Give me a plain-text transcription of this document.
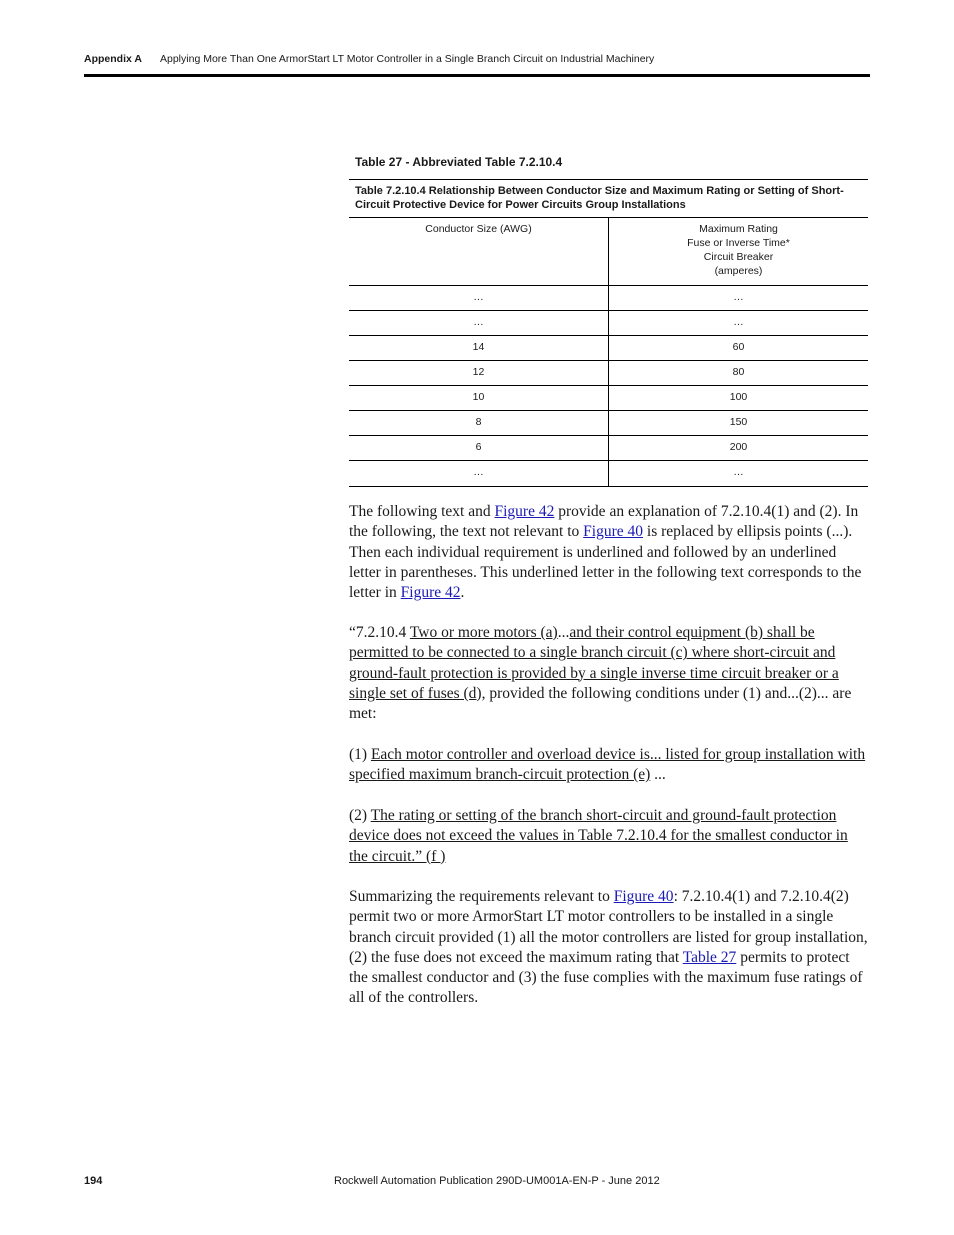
Appendix A Applying More Than One ArmorStart LT Motor Controller in a Single Branch Circuit on Industrial Machinery
Table 27 - Abbreviated Table 7.2.10.4
Table 7.2.10.4 Relationship Between Conductor Size and Maximum Rating or Setting of Short-Circuit Protective Device for Power Circuits Group Installations
Conductor Size (AWG)	Maximum Rating
Fuse or Inverse Time*
Circuit Breaker
(amperes)
…	…
…	…
14	60
12	80
10	100
8	150
6	200
…	…

The following text and Figure 42 provide an explanation of 7.2.10.4(1) and (2). In the following, the text not relevant to Figure 40 is replaced by ellipsis points (...). Then each individual requirement is underlined and followed by an underlined letter in parentheses. This underlined letter in the following text corresponds to the letter in Figure 42.

“7.2.10.4 Two or more motors (a)...and their control equipment (b) shall be permitted to be connected to a single branch circuit (c) where short-circuit and ground-fault protection is provided by a single inverse time circuit breaker or a single set of fuses (d), provided the following conditions under (1) and...(2)... are met:

(1) Each motor controller and overload device is... listed for group installation with specified maximum branch-circuit protection (e) ...

(2) The rating or setting of the branch short-circuit and ground-fault protection device does not exceed the values in Table 7.2.10.4 for the smallest conductor in the circuit.” (f )

Summarizing the requirements relevant to Figure 40: 7.2.10.4(1) and 7.2.10.4(2) permit two or more ArmorStart LT motor controllers to be installed in a single branch circuit provided (1) all the motor controllers are listed for group installation, (2) the fuse does not exceed the maximum rating that Table 27 permits to protect the smallest conductor and (3) the fuse complies with the maximum fuse ratings of all of the controllers.

194	Rockwell Automation Publication 290D-UM001A-EN-P - June 2012
